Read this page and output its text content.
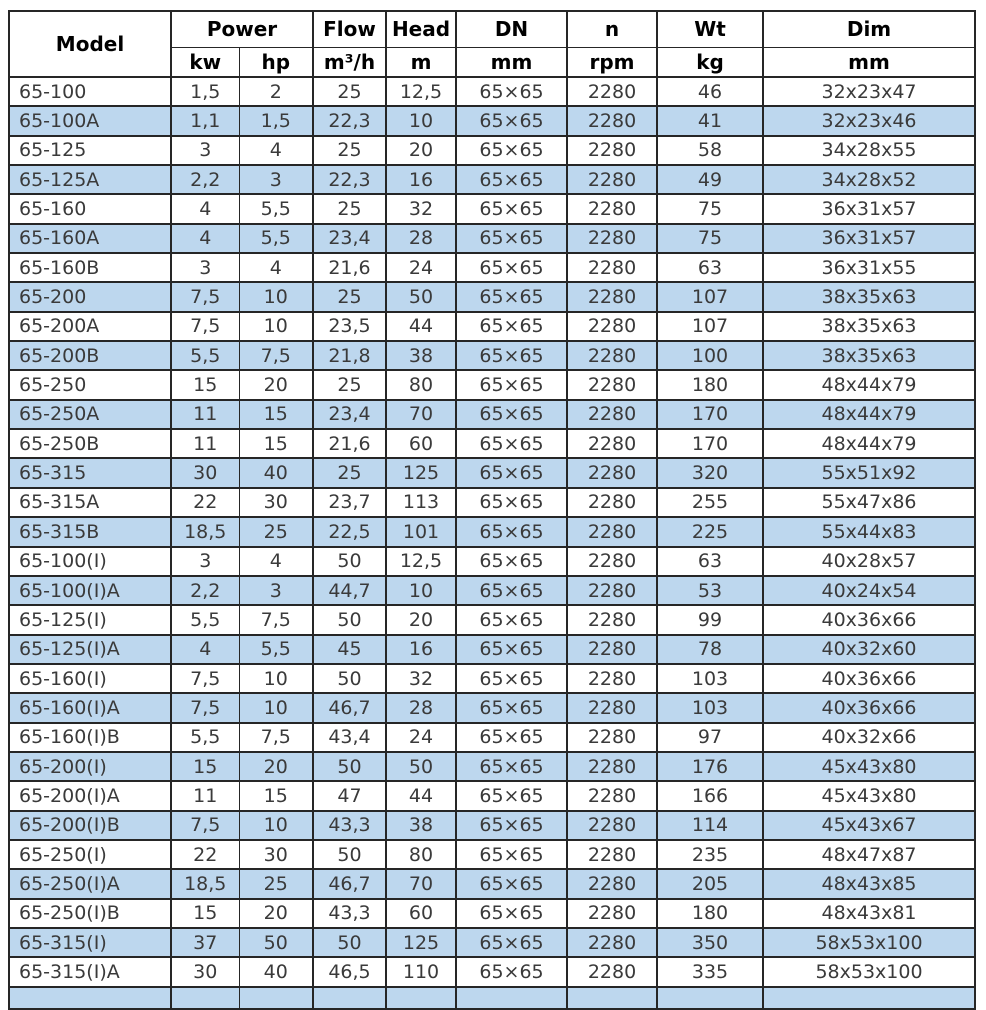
Model	Power		Flow	Head	DN	n	Wt	Dim
	kw	hp	m³/h	m	mm	rpm	kg	mm
65-100	1,5	2	25	12,5	65×65	2280	46	32x23x47
65-100A	1,1	1,5	22,3	10	65×65	2280	41	32x23x46
65-125	3	4	25	20	65×65	2280	58	34x28x55
65-125A	2,2	3	22,3	16	65×65	2280	49	34x28x52
65-160	4	5,5	25	32	65×65	2280	75	36x31x57
65-160A	4	5,5	23,4	28	65×65	2280	75	36x31x57
65-160B	3	4	21,6	24	65×65	2280	63	36x31x55
65-200	7,5	10	25	50	65×65	2280	107	38x35x63
65-200A	7,5	10	23,5	44	65×65	2280	107	38x35x63
65-200B	5,5	7,5	21,8	38	65×65	2280	100	38x35x63
65-250	15	20	25	80	65×65	2280	180	48x44x79
65-250A	11	15	23,4	70	65×65	2280	170	48x44x79
65-250B	11	15	21,6	60	65×65	2280	170	48x44x79
65-315	30	40	25	125	65×65	2280	320	55x51x92
65-315A	22	30	23,7	113	65×65	2280	255	55x47x86
65-315B	18,5	25	22,5	101	65×65	2280	225	55x44x83
65-100(I)	3	4	50	12,5	65×65	2280	63	40x28x57
65-100(I)A	2,2	3	44,7	10	65×65	2280	53	40x24x54
65-125(I)	5,5	7,5	50	20	65×65	2280	99	40x36x66
65-125(I)A	4	5,5	45	16	65×65	2280	78	40x32x60
65-160(I)	7,5	10	50	32	65×65	2280	103	40x36x66
65-160(I)A	7,5	10	46,7	28	65×65	2280	103	40x36x66
65-160(I)B	5,5	7,5	43,4	24	65×65	2280	97	40x32x66
65-200(I)	15	20	50	50	65×65	2280	176	45x43x80
65-200(I)A	11	15	47	44	65×65	2280	166	45x43x80
65-200(I)B	7,5	10	43,3	38	65×65	2280	114	45x43x67
65-250(I)	22	30	50	80	65×65	2280	235	48x47x87
65-250(I)A	18,5	25	46,7	70	65×65	2280	205	48x43x85
65-250(I)B	15	20	43,3	60	65×65	2280	180	48x43x81
65-315(I)	37	50	50	125	65×65	2280	350	58x53x100
65-315(I)A	30	40	46,5	110	65×65	2280	335	58x53x100
